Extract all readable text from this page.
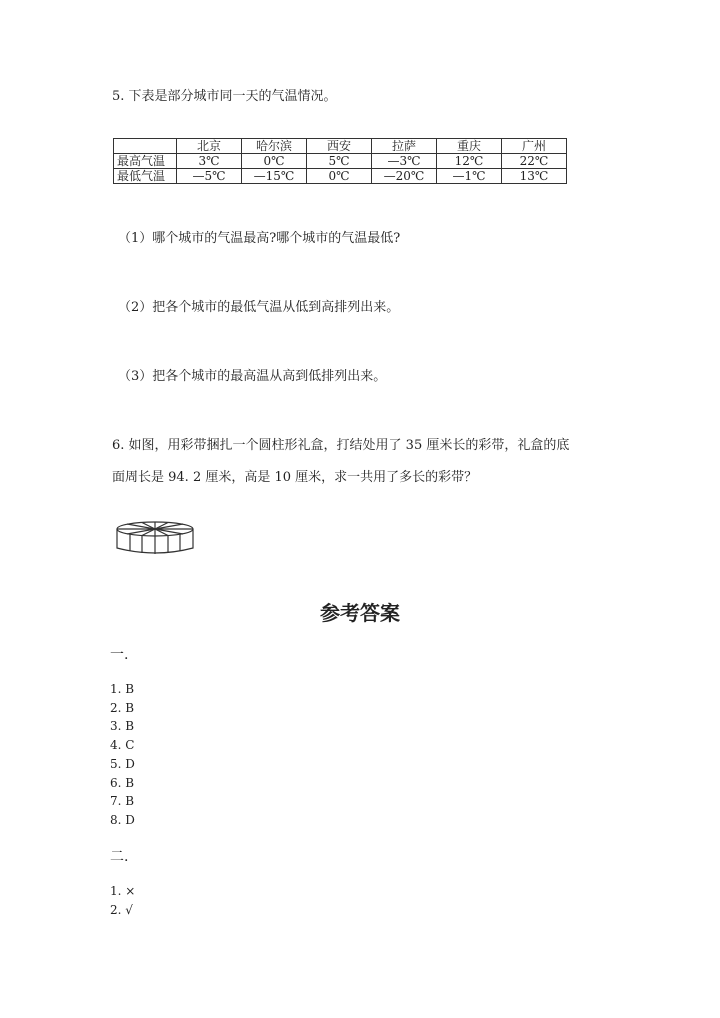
5. 下表是部分城市同一天的气温情况。
	北京	哈尔滨	西安	拉萨	重庆	广州
最高气温	3℃	0℃	5℃	—3℃	12℃	22℃
最低气温	—5℃	—15℃	0℃	—20℃	—1℃	13℃
（1）哪个城市的气温最高?哪个城市的气温最低?
（2）把各个城市的最低气温从低到高排列出来。
（3）把各个城市的最高温从高到低排列出来。
6. 如图，用彩带捆扎一个圆柱形礼盒，打结处用了 35 厘米长的彩带，礼盒的底
面周长是 94. 2 厘米，高是 10 厘米，求一共用了多长的彩带？
参考答案
一.
1. B
2. B
3. B
4. C
5. D
6. B
7. B
8. D
二.
1. ×
2. √
